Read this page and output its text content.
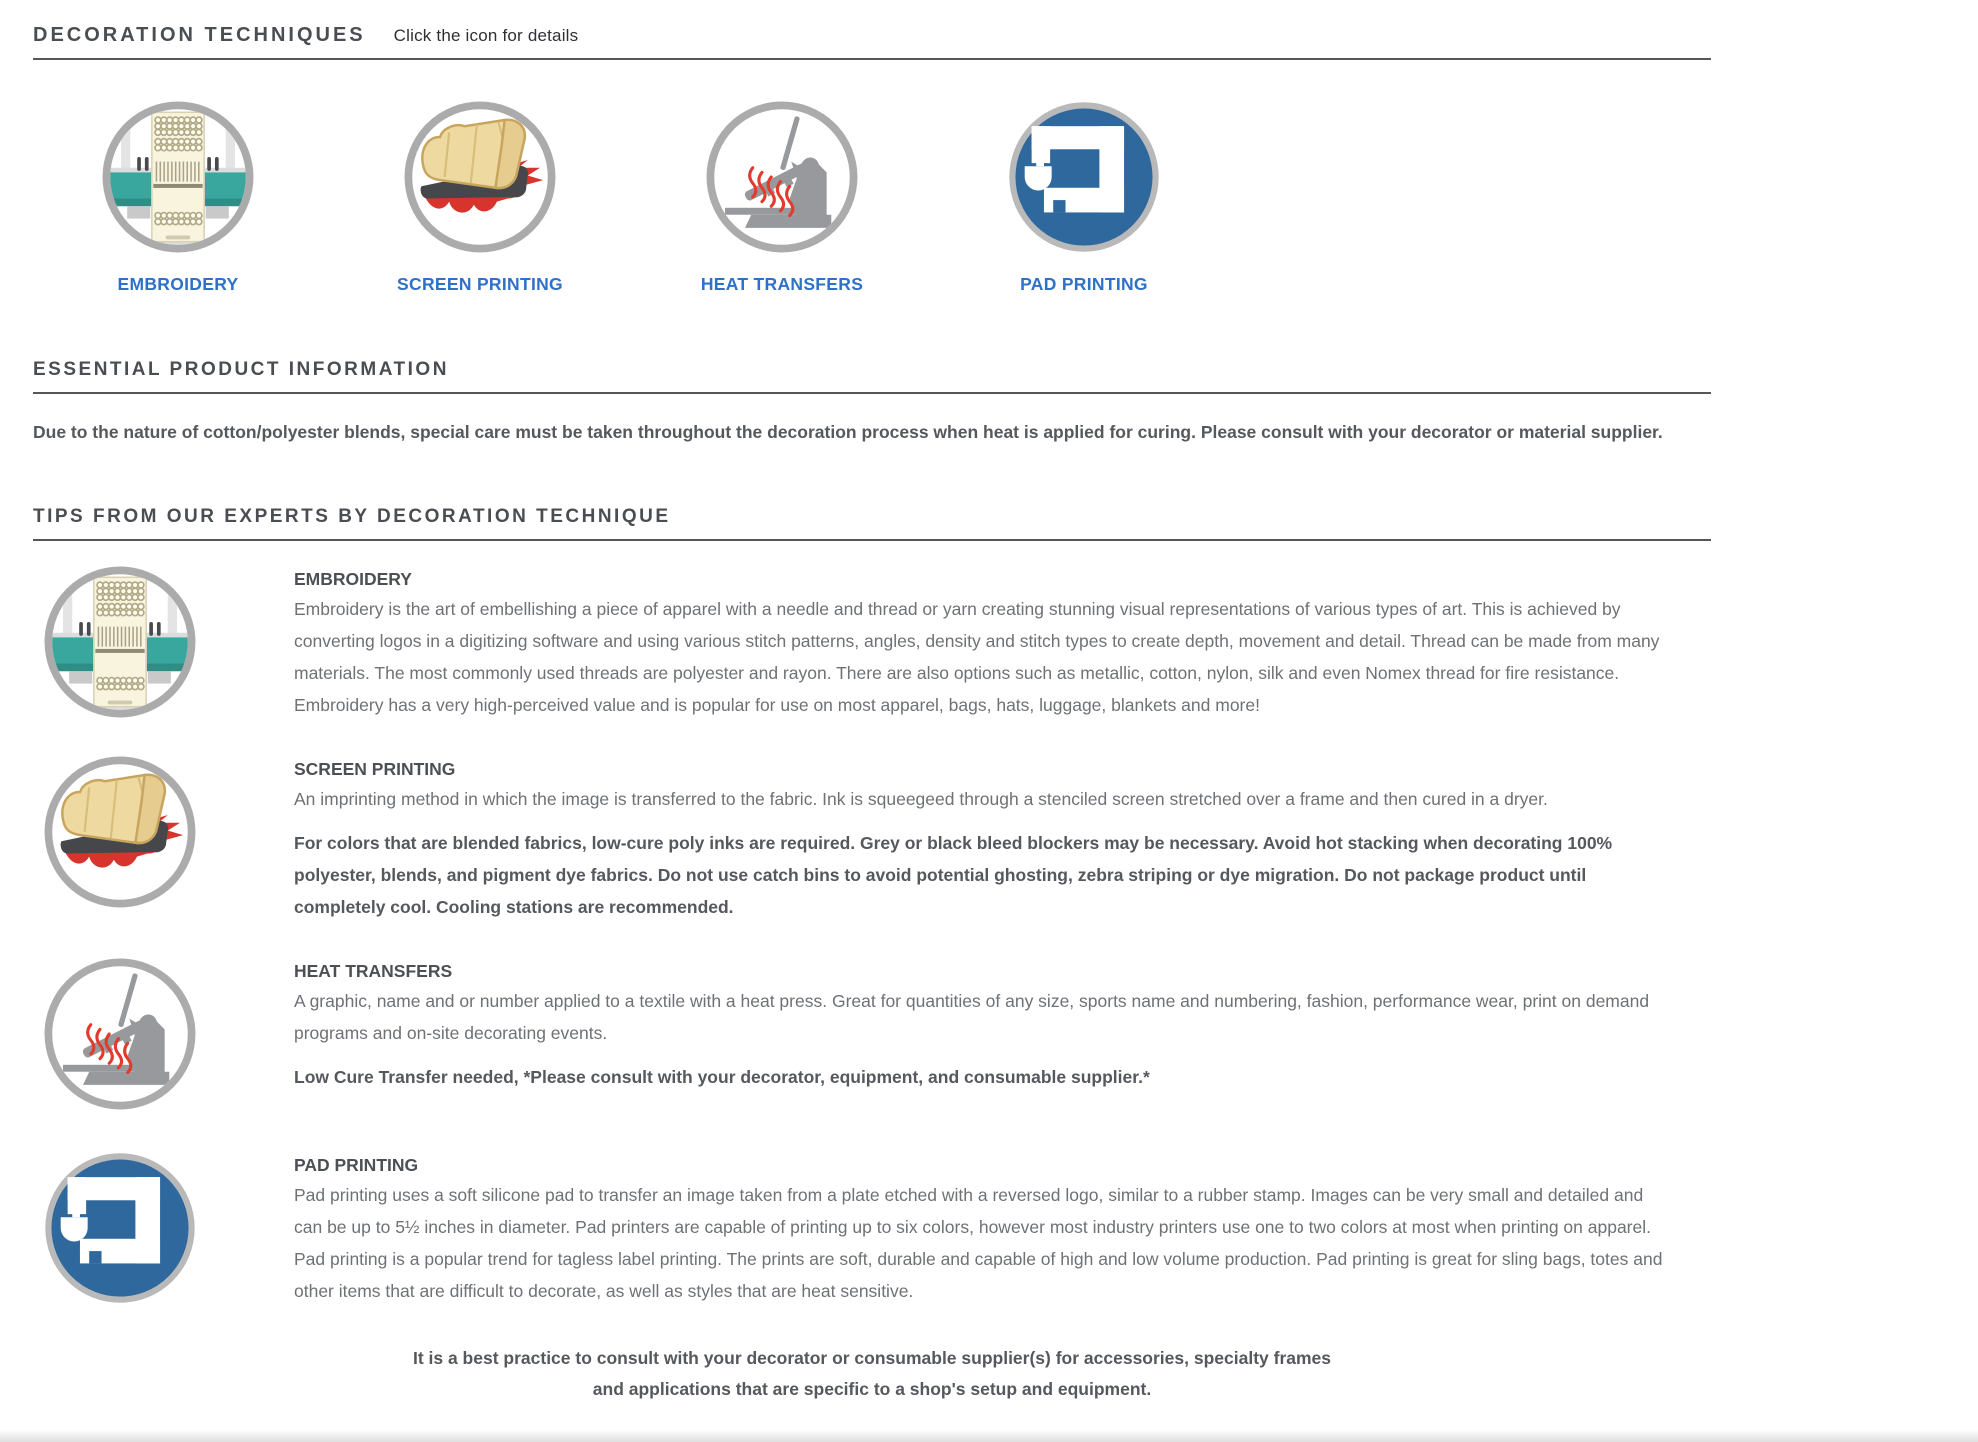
DECORATION TECHNIQUES Click the icon for details
EMBROIDERY	SCREEN PRINTING	HEAT TRANSFERS	PAD PRINTING
ESSENTIAL PRODUCT INFORMATION

Due to the nature of cotton/polyester blends, special care must be taken throughout the decoration process when heat is applied for curing. Please consult with your decorator or material supplier.

TIPS FROM OUR EXPERTS BY DECORATION TECHNIQUE
EMBROIDERY

Embroidery is the art of embellishing a piece of apparel with a needle and thread or yarn creating stunning visual representations of various types of art. This is achieved by converting logos in a digitizing software and using various stitch patterns, angles, density and stitch types to create depth, movement and detail. Thread can be made from many materials. The most commonly used threads are polyester and rayon. There are also options such as metallic, cotton, nylon, silk and even Nomex thread for fire resistance. Embroidery has a very high-perceived value and is popular for use on most apparel, bags, hats, luggage, blankets and more!

SCREEN PRINTING

An imprinting method in which the image is transferred to the fabric. Ink is squeegeed through a stenciled screen stretched over a frame and then cured in a dryer.

For colors that are blended fabrics, low-cure poly inks are required. Grey or black bleed blockers may be necessary. Avoid hot stacking when decorating 100% polyester, blends, and pigment dye fabrics. Do not use catch bins to avoid potential ghosting, zebra striping or dye migration. Do not package product until completely cool. Cooling stations are recommended.

HEAT TRANSFERS

A graphic, name and or number applied to a textile with a heat press. Great for quantities of any size, sports name and numbering, fashion, performance wear, print on demand programs and on-site decorating events.

Low Cure Transfer needed, *Please consult with your decorator, equipment, and consumable supplier.*

PAD PRINTING

Pad printing uses a soft silicone pad to transfer an image taken from a plate etched with a reversed logo, similar to a rubber stamp. Images can be very small and detailed and can be up to 5½ inches in diameter. Pad printers are capable of printing up to six colors, however most industry printers use one to two colors at most when printing on apparel. Pad printing is a popular trend for tagless label printing. The prints are soft, durable and capable of high and low volume production. Pad printing is great for sling bags, totes and other items that are difficult to decorate, as well as styles that are heat sensitive.

It is a best practice to consult with your decorator or consumable supplier(s) for accessories, specialty frames and applications that are specific to a shop's setup and equipment.
